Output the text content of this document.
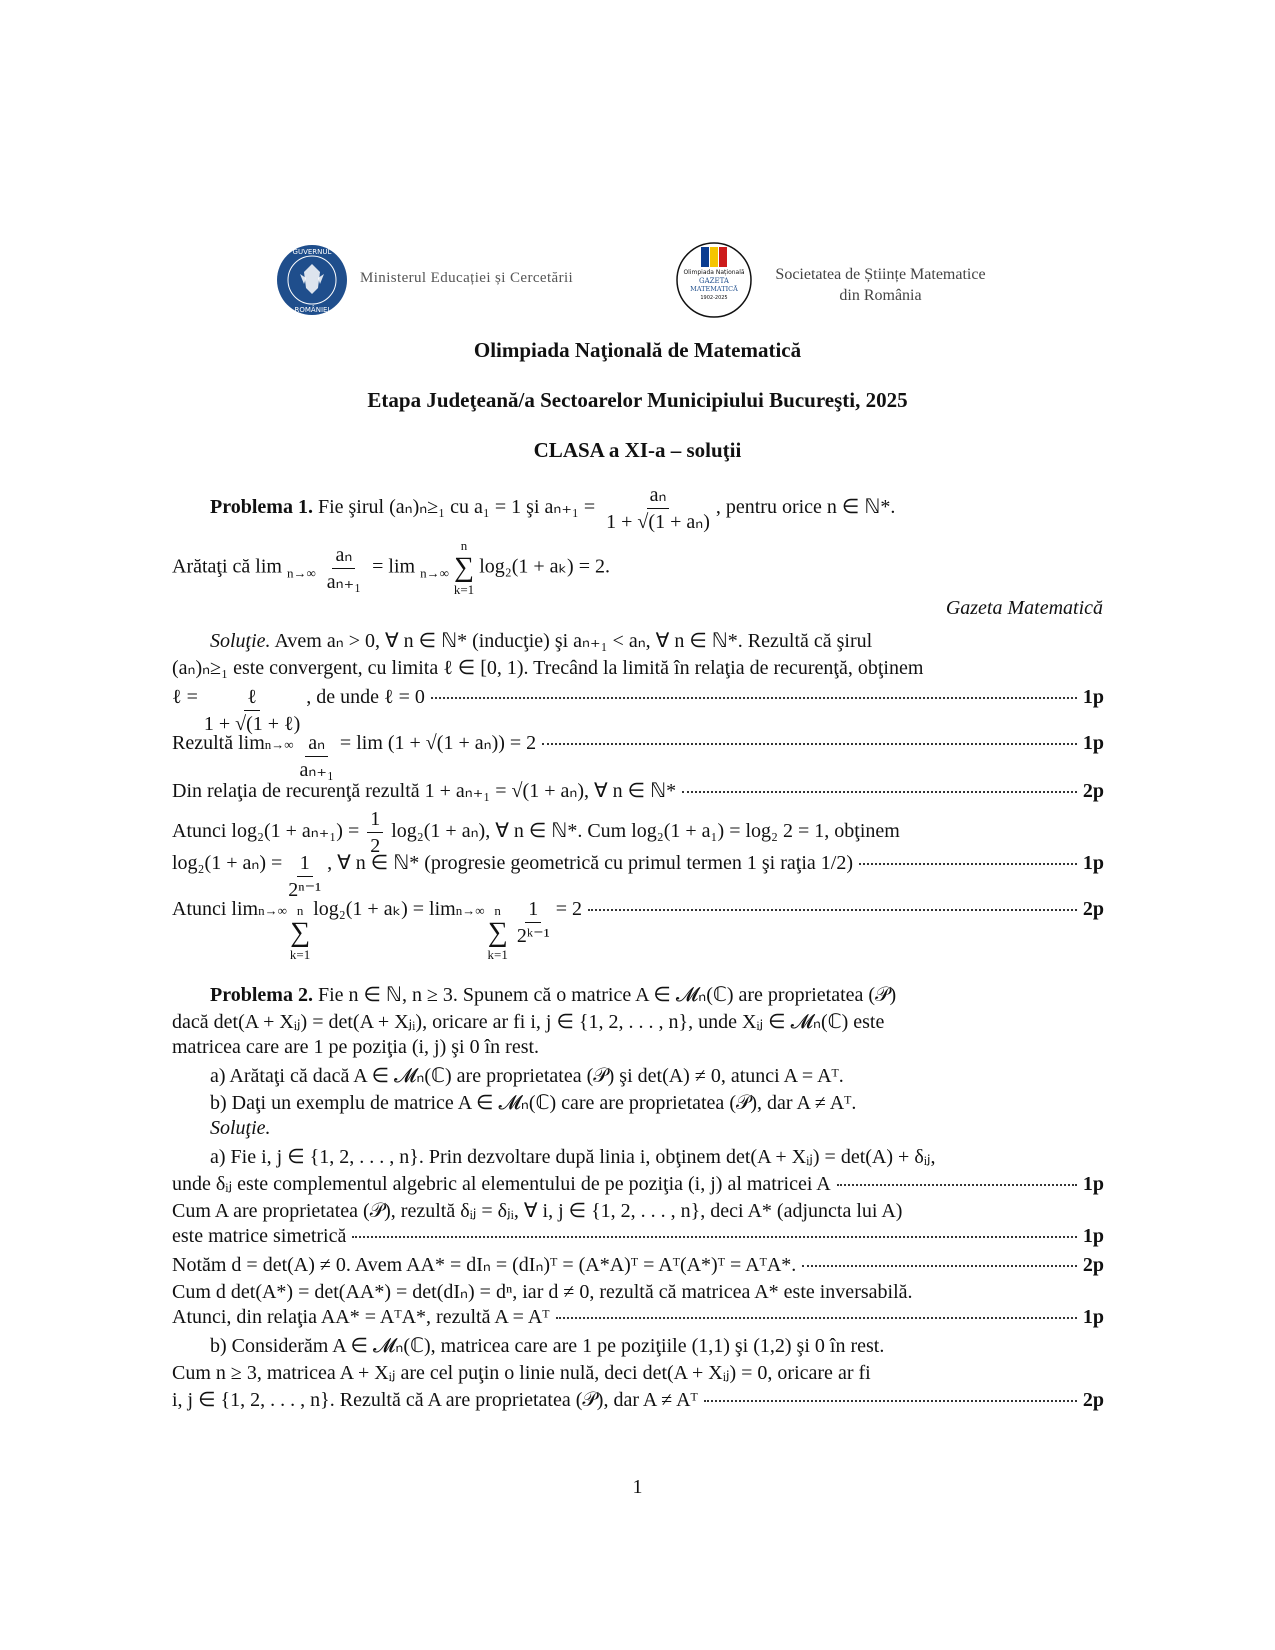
GUVERNUL
ROMÂNIEI
Ministerul Educației și Cercetării	Olimpiada Națională
GAZETA
MATEMATICĂ
1902-2025
Societatea de Științe Matematice
din România
Olimpiada Naţională de Matematică
Etapa Judeţeană/a Sectoarelor Municipiului Bucureşti, 2025
CLASA a XI-a – soluţii
Problema 1. Fie şirul (aₙ)ₙ≥₁ cu a₁ = 1 şi $a_{n+1} = \frac{\text{aₙ}}{\text{1 + √(1 + aₙ)}}$ , pentru orice n ∈ ℕ*.
Arătaţi că $\lim _{n\to\infty} \frac{\text{aₙ}}{\text{aₙ₊₁}} = \lim _{n\to\infty}$
n
∑
k=1
log₂(1 + aₖ) = 2.
Gazeta Matematică
Soluţie. Avem aₙ > 0, ∀ n ∈ ℕ* (inducţie) şi aₙ₊₁ < aₙ, ∀ n ∈ ℕ*. Rezultă că şirul
(aₙ)ₙ≥₁ este convergent, cu limita ℓ ∈ [0, 1). Trecând la limită în relaţia de recurenţă, obţinem
ℓ = $\frac{\text{ℓ}}{\text{1 + √(1 + ℓ)}}$ , de unde ℓ = 0	1p
Rezultă $\lim n\to\infty \frac{\text{aₙ}}{\text{aₙ₊₁}} = \lim (1 + √(1 + a_n)) = 2$	1p
Din relaţia de recurenţă rezultă 1 + aₙ₊₁ = √(1 + aₙ), ∀ n ∈ ℕ*	2p
Atunci $\log_2(1 + a_{n+1}) = \frac{1}{2} \log_2(1 + a_n)$, ∀ n ∈ ℕ*. Cum log₂(1 + a₁) = log₂ 2 = 1, obţinem
$\log_2(1 + a_n) = \frac{1}{\text{2ⁿ⁻¹}}$ , ∀ n ∈ ℕ* (progresie geometrică cu primul termen 1 şi raţia 1/2)	1p
Atunci lim n→∞ n
∑
k=1
log₂(1 + aₖ) = lim n→∞ n
∑
k=1
$\frac{1}{\text{2ᵏ⁻¹}} = 2$	2p
Problema 2. Fie n ∈ ℕ, n ≥ 3. Spunem că o matrice A ∈ 𝓜ₙ(ℂ) are proprietatea (𝒫)
dacă det(A + Xᵢⱼ) = det(A + Xⱼᵢ), oricare ar fi i, j ∈ {1, 2, . . . , n}, unde Xᵢⱼ ∈ 𝓜ₙ(ℂ) este
matricea care are 1 pe poziţia (i, j) şi 0 în rest.
a) Arătaţi că dacă A ∈ 𝓜ₙ(ℂ) are proprietatea (𝒫) şi det(A) ≠ 0, atunci A = Aᵀ.
b) Daţi un exemplu de matrice A ∈ 𝓜ₙ(ℂ) care are proprietatea (𝒫), dar A ≠ Aᵀ.
Soluţie.
a) Fie i, j ∈ {1, 2, . . . , n}. Prin dezvoltare după linia i, obţinem det(A + Xᵢⱼ) = det(A) + δᵢⱼ,
unde δᵢⱼ este complementul algebric al elementului de pe poziţia (i, j) al matricei A	1p
Cum A are proprietatea (𝒫), rezultă δᵢⱼ = δⱼᵢ, ∀ i, j ∈ {1, 2, . . . , n}, deci A* (adjuncta lui A)
este matrice simetrică	1p
Notăm d = det(A) ≠ 0. Avem AA* = dIₙ = (dIₙ)ᵀ = (A*A)ᵀ = Aᵀ(A*)ᵀ = AᵀA*.	2p
Cum d det(A*) = det(AA*) = det(dIₙ) = dⁿ, iar d ≠ 0, rezultă că matricea A* este inversabilă.
Atunci, din relaţia AA* = AᵀA*, rezultă A = Aᵀ	1p
b) Considerăm A ∈ 𝓜ₙ(ℂ), matricea care are 1 pe poziţiile (1,1) şi (1,2) şi 0 în rest.
Cum n ≥ 3, matricea A + Xᵢⱼ are cel puţin o linie nulă, deci det(A + Xᵢⱼ) = 0, oricare ar fi
i, j ∈ {1, 2, . . . , n}. Rezultă că A are proprietatea (𝒫), dar A ≠ Aᵀ	2p
1
